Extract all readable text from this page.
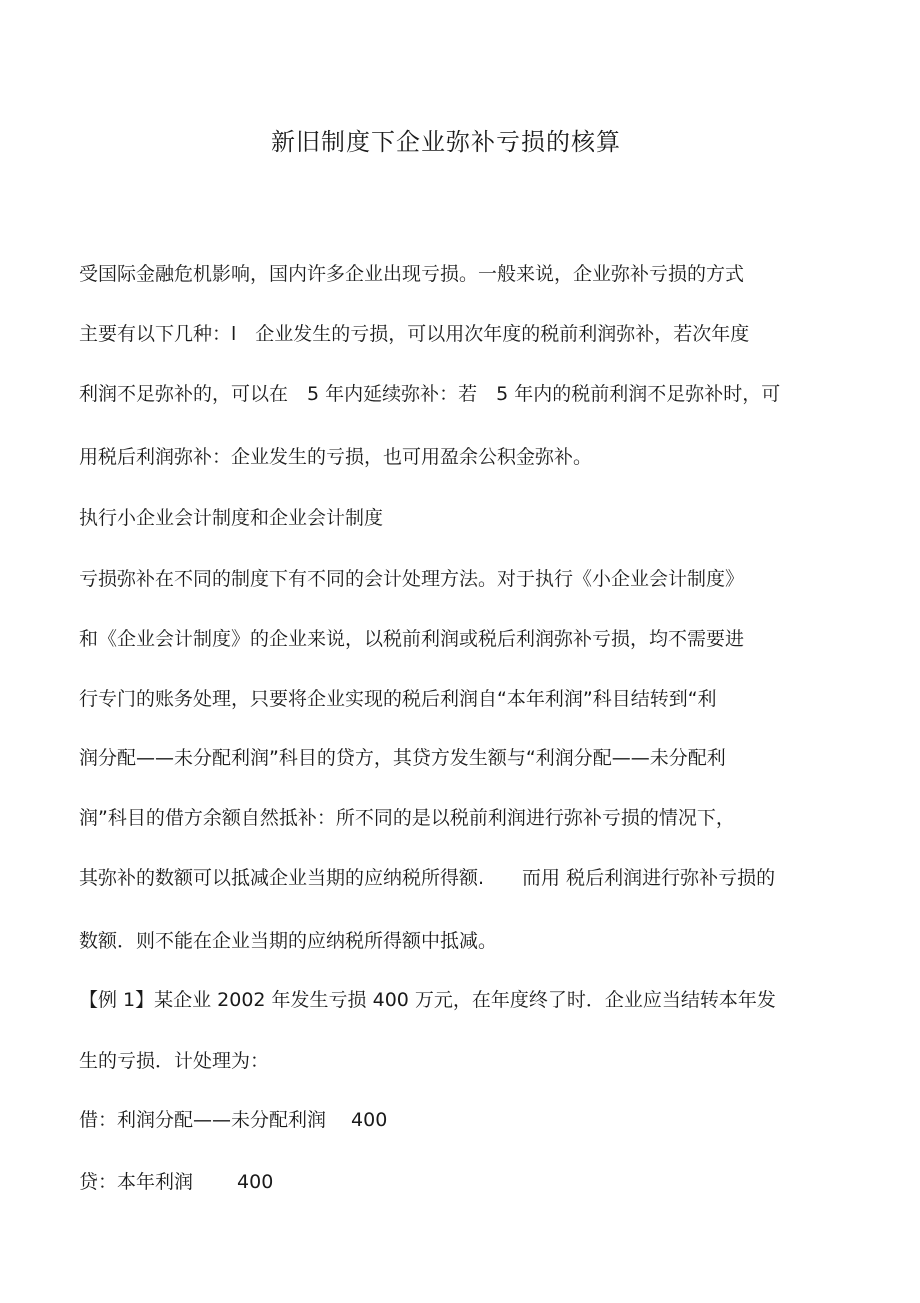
新旧制度下企业弥补亏损的核算
受国际金融危机影响，国内许多企业出现亏损。一般来说，企业弥补亏损的方式
主要有以下几种：l　企业发生的亏损，可以用次年度的税前利润弥补，若次年度
利润不足弥补的，可以在　5 年内延续弥补：若　5 年内的税前利润不足弥补时，可
用税后利润弥补：企业发生的亏损，也可用盈余公积金弥补。
执行小企业会计制度和企业会计制度
亏损弥补在不同的制度下有不同的会计处理方法。对于执行《小企业会计制度》
和《企业会计制度》的企业来说，以税前利润或税后利润弥补亏损，均不需要进
行专门的账务处理，只要将企业实现的税后利润自“本年利润”科目结转到“利
润分配——未分配利润”科目的贷方，其贷方发生额与“利润分配——未分配利
润”科目的借方余额自然抵补：所不同的是以税前利润进行弥补亏损的情况下，
其弥补的数额可以抵减企业当期的应纳税所得额.　　而用 税后利润进行弥补亏损的
数额．则不能在企业当期的应纳税所得额中抵减。
【例 1】某企业 2002 年发生亏损 400 万元，在年度终了时．企业应当结转本年发
生的亏损．计处理为：
借：利润分配——未分配利润　 400
贷：本年利润　　 400
